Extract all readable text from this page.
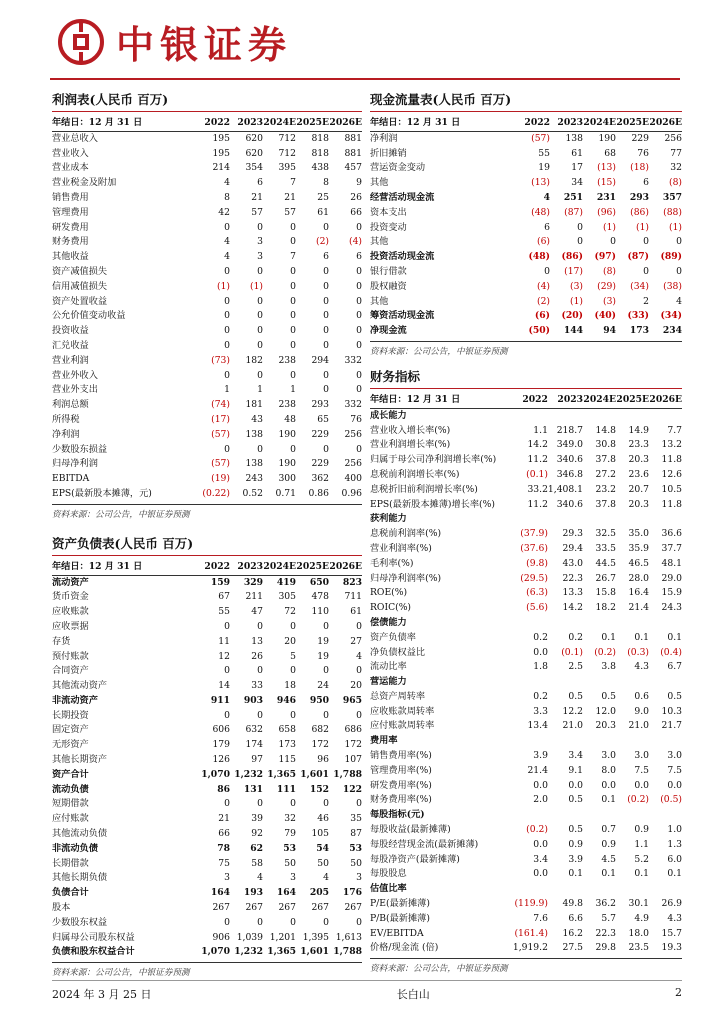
中银证券
利润表(人民币 百万)
年结日：12 月 31 日	2022	2023	2024E	2025E	2026E
营业总收入	195	620	712	818	881
营业收入	195	620	712	818	881
营业成本	214	354	395	438	457
营业税金及附加	4	6	7	8	9
销售费用	8	21	21	25	26
管理费用	42	57	57	61	66
研发费用	0	0	0	0	0
财务费用	4	3	0	(2)	(4)
其他收益	4	3	7	6	6
资产减值损失	0	0	0	0	0
信用减值损失	(1)	(1)	0	0	0
资产处置收益	0	0	0	0	0
公允价值变动收益	0	0	0	0	0
投资收益	0	0	0	0	0
汇兑收益	0	0	0	0	0
营业利润	(73)	182	238	294	332
营业外收入	0	0	0	0	0
营业外支出	1	1	1	0	0
利润总额	(74)	181	238	293	332
所得税	(17)	43	48	65	76
净利润	(57)	138	190	229	256
少数股东损益	0	0	0	0	0
归母净利润	(57)	138	190	229	256
EBITDA	(19)	243	300	362	400
EPS(最新股本摊薄，元)	(0.22)	0.52	0.71	0.86	0.96
资料来源：公司公告，中银证券预测
资产负债表(人民币 百万)
年结日：12 月 31 日	2022	2023	2024E	2025E	2026E
流动资产	159	329	419	650	823
货币资金	67	211	305	478	711
应收账款	55	47	72	110	61
应收票据	0	0	0	0	0
存货	11	13	20	19	27
预付账款	12	26	5	19	4
合同资产	0	0	0	0	0
其他流动资产	14	33	18	24	20
非流动资产	911	903	946	950	965
长期投资	0	0	0	0	0
固定资产	606	632	658	682	686
无形资产	179	174	173	172	172
其他长期资产	126	97	115	96	107
资产合计	1,070	1,232	1,365	1,601	1,788
流动负债	86	131	111	152	122
短期借款	0	0	0	0	0
应付账款	21	39	32	46	35
其他流动负债	66	92	79	105	87
非流动负债	78	62	53	54	53
长期借款	75	58	50	50	50
其他长期负债	3	4	3	4	3
负债合计	164	193	164	205	176
股本	267	267	267	267	267
少数股东权益	0	0	0	0	0
归属母公司股东权益	906	1,039	1,201	1,395	1,613
负债和股东权益合计	1,070	1,232	1,365	1,601	1,788
资料来源：公司公告，中银证券预测
现金流量表(人民币 百万)
年结日：12 月 31 日	2022	2023	2024E	2025E	2026E
净利润	(57)	138	190	229	256
折旧摊销	55	61	68	76	77
营运资金变动	19	17	(13)	(18)	32
其他	(13)	34	(15)	6	(8)
经营活动现金流	4	251	231	293	357
资本支出	(48)	(87)	(96)	(86)	(88)
投资变动	6	0	(1)	(1)	(1)
其他	(6)	0	0	0	0
投资活动现金流	(48)	(86)	(97)	(87)	(89)
银行借款	0	(17)	(8)	0	0
股权融资	(4)	(3)	(29)	(34)	(38)
其他	(2)	(1)	(3)	2	4
筹资活动现金流	(6)	(20)	(40)	(33)	(34)
净现金流	(50)	144	94	173	234
资料来源：公司公告，中银证券预测
财务指标
年结日：12 月 31 日	2022	2023	2024E	2025E	2026E
成长能力					
营业收入增长率(%)	1.1	218.7	14.8	14.9	7.7
营业利润增长率(%)	14.2	349.0	30.8	23.3	13.2
归属于母公司净利润增长率(%)	11.2	340.6	37.8	20.3	11.8
息税前利润增长率(%)	(0.1)	346.8	27.2	23.6	12.6
息税折旧前利润增长率(%)	33.2	1,408.1	23.2	20.7	10.5
EPS(最新股本摊薄)增长率(%)	11.2	340.6	37.8	20.3	11.8
获利能力					
息税前利润率(%)	(37.9)	29.3	32.5	35.0	36.6
营业利润率(%)	(37.6)	29.4	33.5	35.9	37.7
毛利率(%)	(9.8)	43.0	44.5	46.5	48.1
归母净利润率(%)	(29.5)	22.3	26.7	28.0	29.0
ROE(%)	(6.3)	13.3	15.8	16.4	15.9
ROIC(%)	(5.6)	14.2	18.2	21.4	24.3
偿债能力					
资产负债率	0.2	0.2	0.1	0.1	0.1
净负债权益比	0.0	(0.1)	(0.2)	(0.3)	(0.4)
流动比率	1.8	2.5	3.8	4.3	6.7
营运能力					
总资产周转率	0.2	0.5	0.5	0.6	0.5
应收账款周转率	3.3	12.2	12.0	9.0	10.3
应付账款周转率	13.4	21.0	20.3	21.0	21.7
费用率					
销售费用率(%)	3.9	3.4	3.0	3.0	3.0
管理费用率(%)	21.4	9.1	8.0	7.5	7.5
研发费用率(%)	0.0	0.0	0.0	0.0	0.0
财务费用率(%)	2.0	0.5	0.1	(0.2)	(0.5)
每股指标(元)					
每股收益(最新摊薄)	(0.2)	0.5	0.7	0.9	1.0
每股经营现金流(最新摊薄)	0.0	0.9	0.9	1.1	1.3
每股净资产(最新摊薄)	3.4	3.9	4.5	5.2	6.0
每股股息	0.0	0.1	0.1	0.1	0.1
估值比率					
P/E(最新摊薄)	(119.9)	49.8	36.2	30.1	26.9
P/B(最新摊薄)	7.6	6.6	5.7	4.9	4.3
EV/EBITDA	(161.4)	16.2	22.3	18.0	15.7
价格/现金流 (倍)	1,919.2	27.5	29.8	23.5	19.3
资料来源：公司公告，中银证券预测
2024 年 3 月 25 日	长白山	2
